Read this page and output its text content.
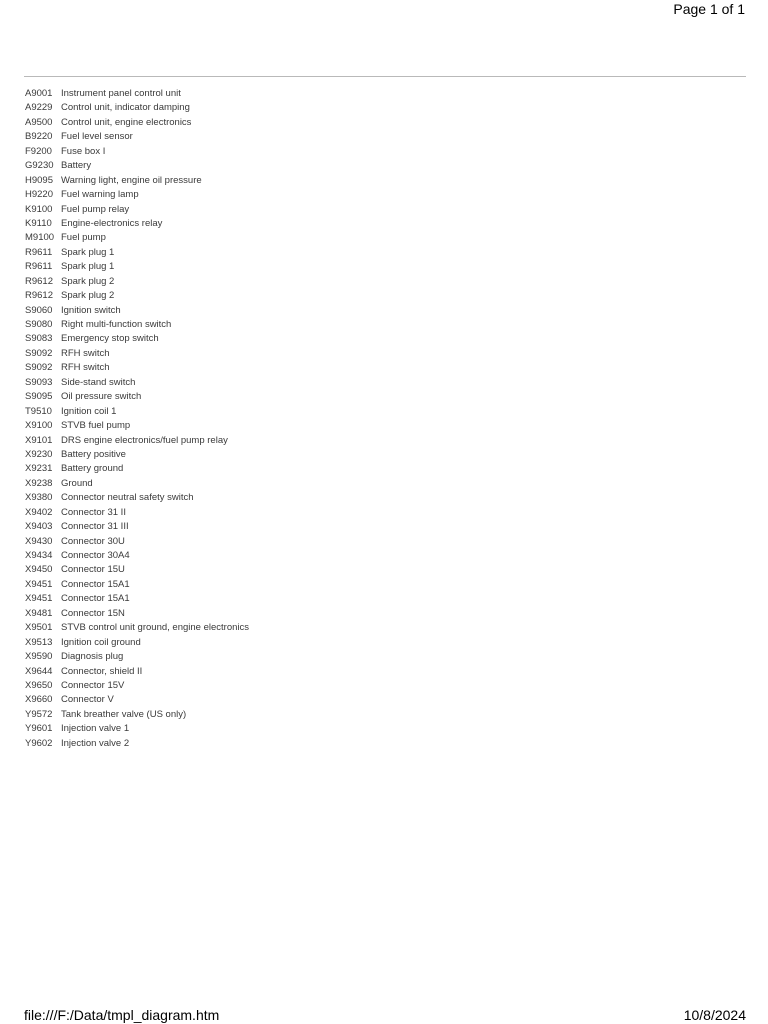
Page 1 of 1
A9001 Instrument panel control unit
A9229 Control unit, indicator damping
A9500 Control unit, engine electronics
B9220 Fuel level sensor
F9200 Fuse box I
G9230 Battery
H9095 Warning light, engine oil pressure
H9220 Fuel warning lamp
K9100 Fuel pump relay
K9110 Engine-electronics relay
M9100 Fuel pump
R9611 Spark plug 1
R9611 Spark plug 1
R9612 Spark plug 2
R9612 Spark plug 2
S9060 Ignition switch
S9080 Right multi-function switch
S9083 Emergency stop switch
S9092 RFH switch
S9092 RFH switch
S9093 Side-stand switch
S9095 Oil pressure switch
T9510 Ignition coil 1
X9100 STVB fuel pump
X9101 DRS engine electronics/fuel pump relay
X9230 Battery positive
X9231 Battery ground
X9238 Ground
X9380 Connector neutral safety switch
X9402 Connector 31 II
X9403 Connector 31 III
X9430 Connector 30U
X9434 Connector 30A4
X9450 Connector 15U
X9451 Connector 15A1
X9451 Connector 15A1
X9481 Connector 15N
X9501 STVB control unit ground, engine electronics
X9513 Ignition coil ground
X9590 Diagnosis plug
X9644 Connector, shield II
X9650 Connector 15V
X9660 Connector V
Y9572 Tank breather valve (US only)
Y9601 Injection valve 1
Y9602 Injection valve 2
file:///F:/Data/tmpl_diagram.htm	10/8/2024
